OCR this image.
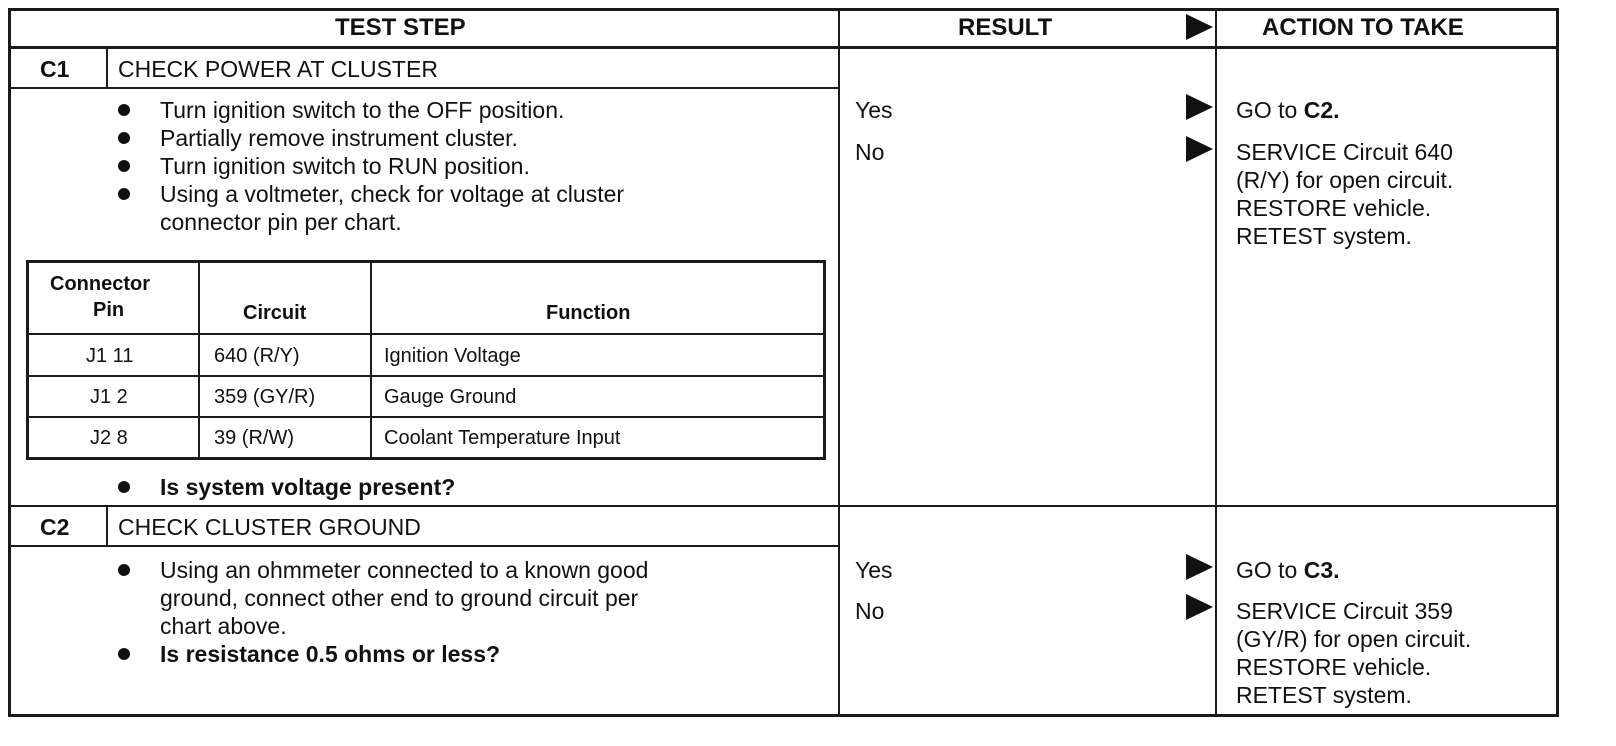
TEST STEP	RESULT	ACTION TO TAKE
C1 CHECK POWER AT CLUSTER
Turn ignition switch to the OFF position.
Partially remove instrument cluster.
Turn ignition switch to RUN position.
Using a voltmeter, check for voltage at cluster
connector pin per chart.
Connector
Pin	Circuit	Function
J1 11	640 (R/Y)	Ignition Voltage
J1 2	359 (GY/R)	Gauge Ground
J2 8	39 (R/W)	Coolant Temperature Input
Is system voltage present?
Yes	GO to C2.
No	SERVICE Circuit 640
(R/Y) for open circuit.
RESTORE vehicle.
RETEST system.
C2 CHECK CLUSTER GROUND
Using an ohmmeter connected to a known good
ground, connect other end to ground circuit per
chart above.
Is resistance 0.5 ohms or less?
Yes	GO to C3.
No	SERVICE Circuit 359
(GY/R) for open circuit.
RESTORE vehicle.
RETEST system.
